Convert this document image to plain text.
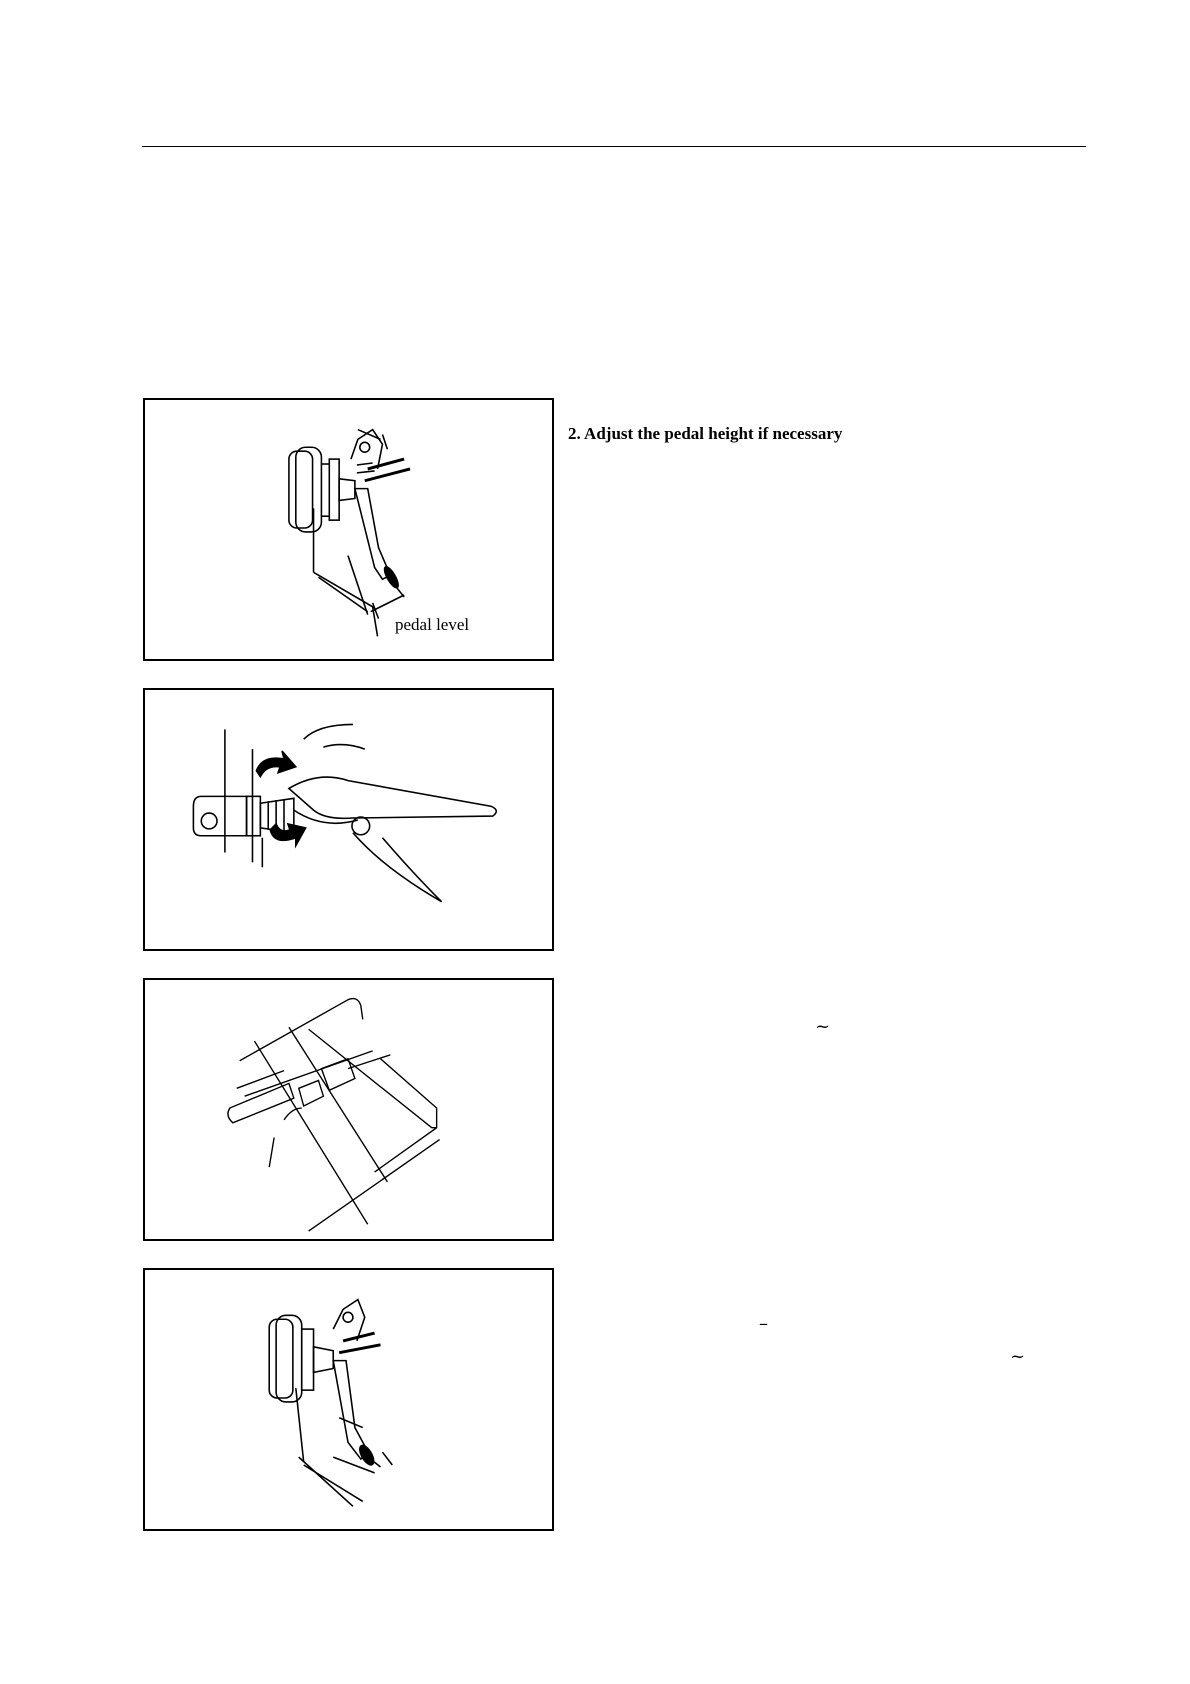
pedal level
2. Adjust the pedal height if necessary
~
–
~
